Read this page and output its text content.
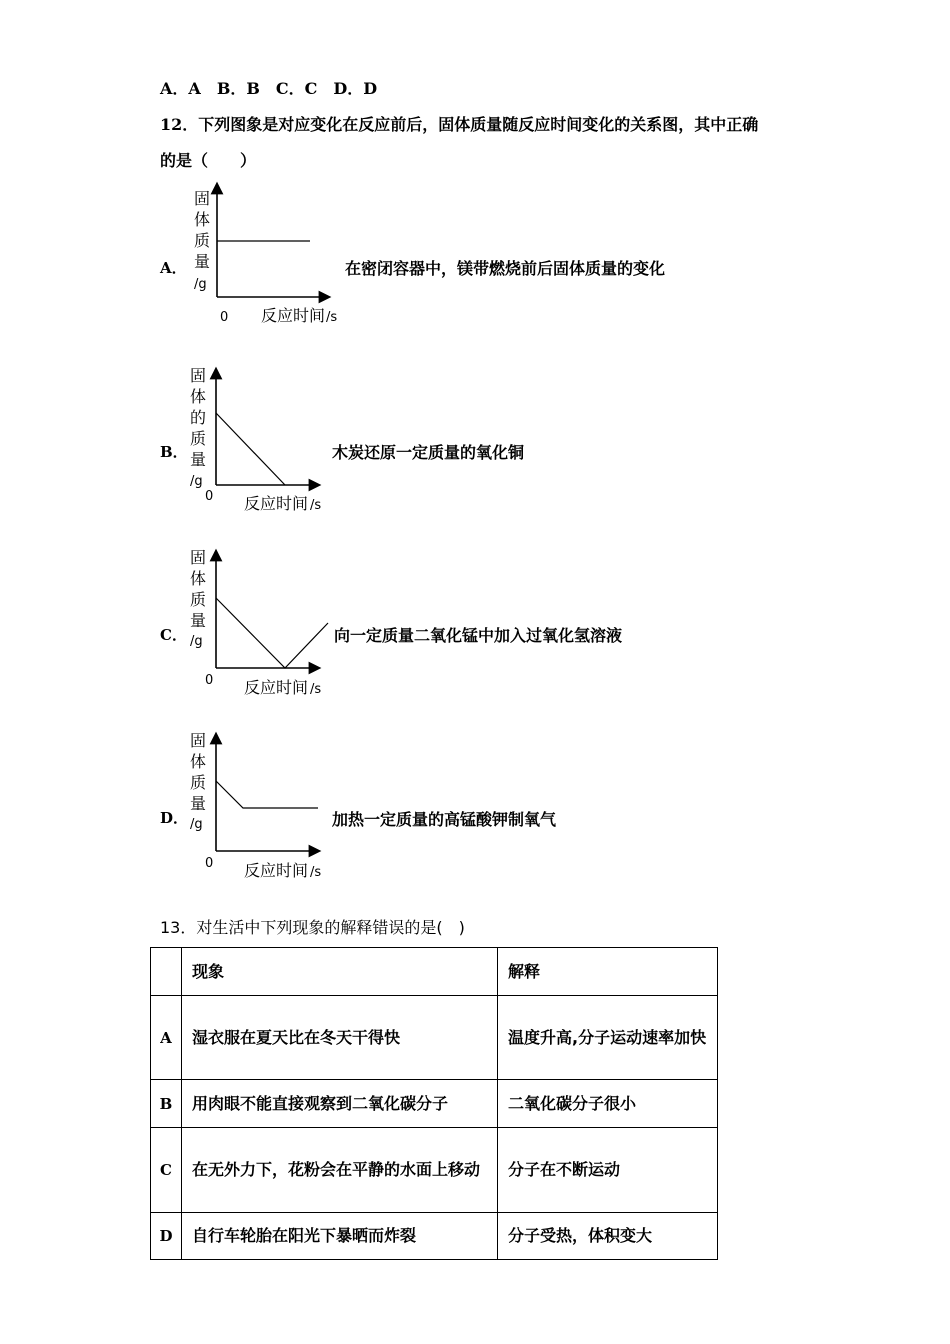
A．A　B．B　C．C　D．D
12．下列图象是对应变化在反应前后，固体质量随反应时间变化的关系图，其中正确
的是（　　）
A．
固
体
质
量
/g
0 反应时间 /s
在密闭容器中，镁带燃烧前后固体质量的变化
B．
固
体
的
质
量
/g
0 反应时间 /s
木炭还原一定质量的氧化铜
C．
固
体
质
量
/g
0 反应时间 /s
向一定质量二氧化锰中加入过氧化氢溶液
D．
固
体
质
量
/g
0 反应时间 /s
加热一定质量的高锰酸钾制氧气
13．对生活中下列现象的解释错误的是(　)
	现象	解释
A	湿衣服在夏天比在冬天干得快	温度升高,分子运动速率加快
B	用肉眼不能直接观察到二氧化碳分子	二氧化碳分子很小
C	在无外力下，花粉会在平静的水面上移动	分子在不断运动
D	自行车轮胎在阳光下暴晒而炸裂	分子受热，体积变大
